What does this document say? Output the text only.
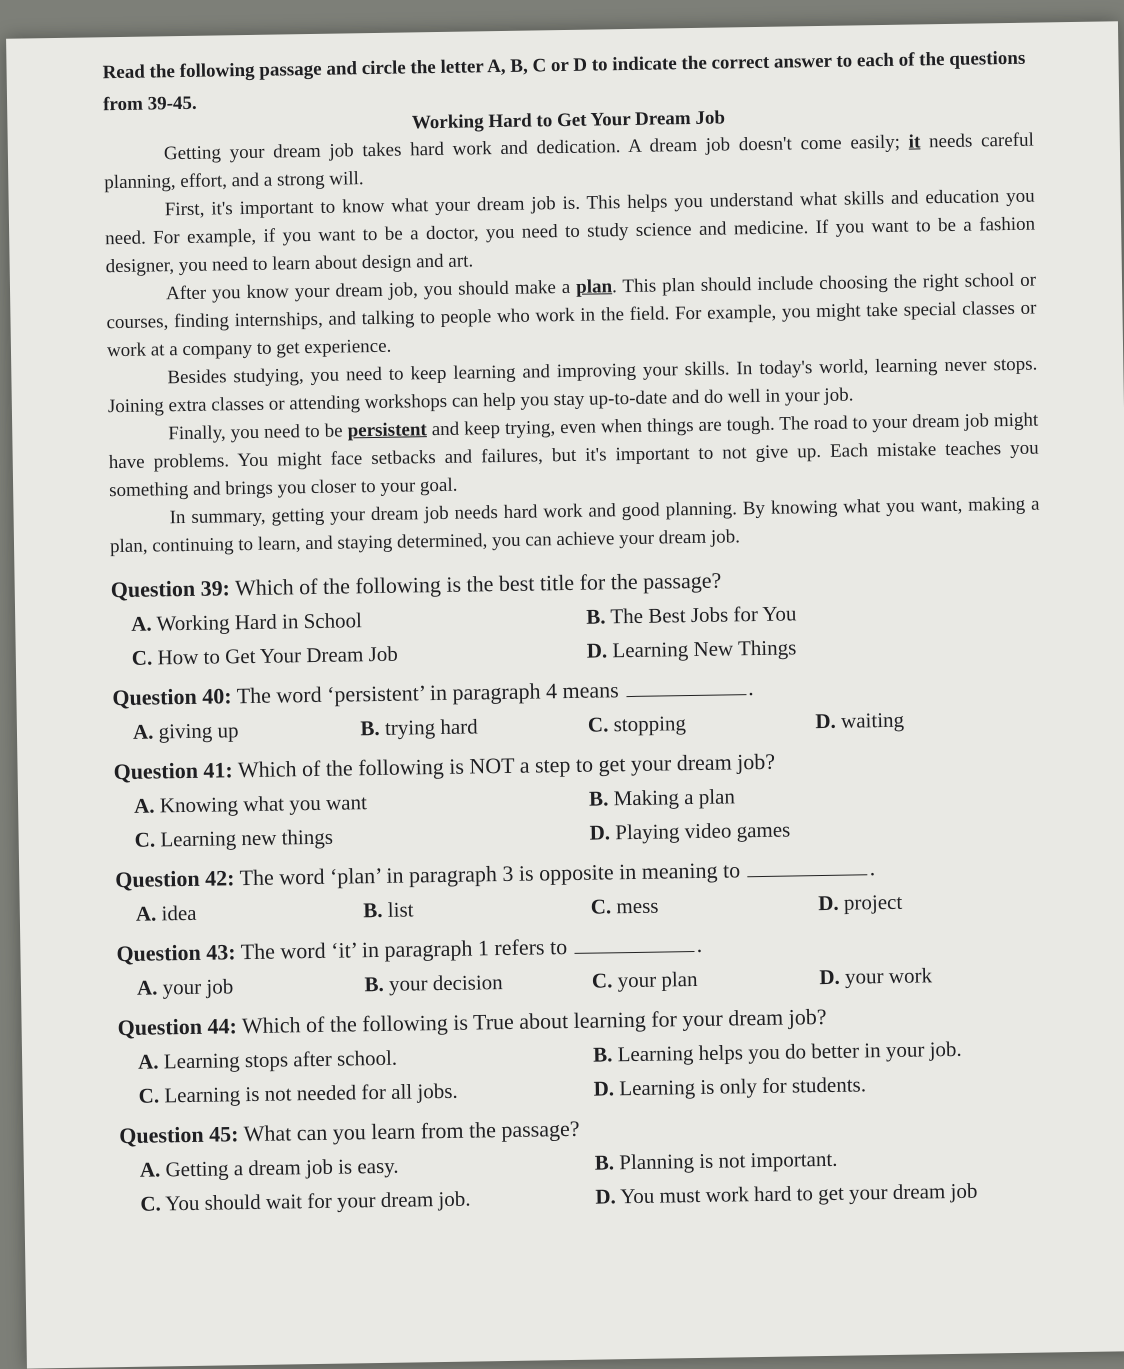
Read the following passage and circle the letter A, B, C or D to indicate the correct answer to each of the questions from 39-45.

Working Hard to Get Your Dream Job

Getting your dream job takes hard work and dedication. A dream job doesn't come easily; it needs careful planning, effort, and a strong will.

First, it's important to know what your dream job is. This helps you understand what skills and education you need. For example, if you want to be a doctor, you need to study science and medicine. If you want to be a fashion designer, you need to learn about design and art.

After you know your dream job, you should make a plan. This plan should include choosing the right school or courses, finding internships, and talking to people who work in the field. For example, you might take special classes or work at a company to get experience.

Besides studying, you need to keep learning and improving your skills. In today's world, learning never stops. Joining extra classes or attending workshops can help you stay up-to-date and do well in your job.

Finally, you need to be persistent and keep trying, even when things are tough. The road to your dream job might have problems. You might face setbacks and failures, but it's important to not give up. Each mistake teaches you something and brings you closer to your goal.

In summary, getting your dream job needs hard work and good planning. By knowing what you want, making a plan, continuing to learn, and staying determined, you can achieve your dream job.

Question 39: Which of the following is the best title for the passage?
A. Working Hard in School	B. The Best Jobs for You
C. How to Get Your Dream Job	D. Learning New Things
Question 40: The word ‘persistent’ in paragraph 4 means	.
A. giving up	B. trying hard	C. stopping	D. waiting
Question 41: Which of the following is NOT a step to get your dream job?
A. Knowing what you want	B. Making a plan
C. Learning new things	D. Playing video games
Question 42: The word ‘plan’ in paragraph 3 is opposite in meaning to	.
A. idea	B. list	C. mess	D. project
Question 43: The word ‘it’ in paragraph 1 refers to	.
A. your job	B. your decision	C. your plan	D. your work
Question 44: Which of the following is True about learning for your dream job?
A. Learning stops after school.	B. Learning helps you do better in your job.
C. Learning is not needed for all jobs.	D. Learning is only for students.
Question 45: What can you learn from the passage?
A. Getting a dream job is easy.	B. Planning is not important.
C. You should wait for your dream job.	D. You must work hard to get your dream job
